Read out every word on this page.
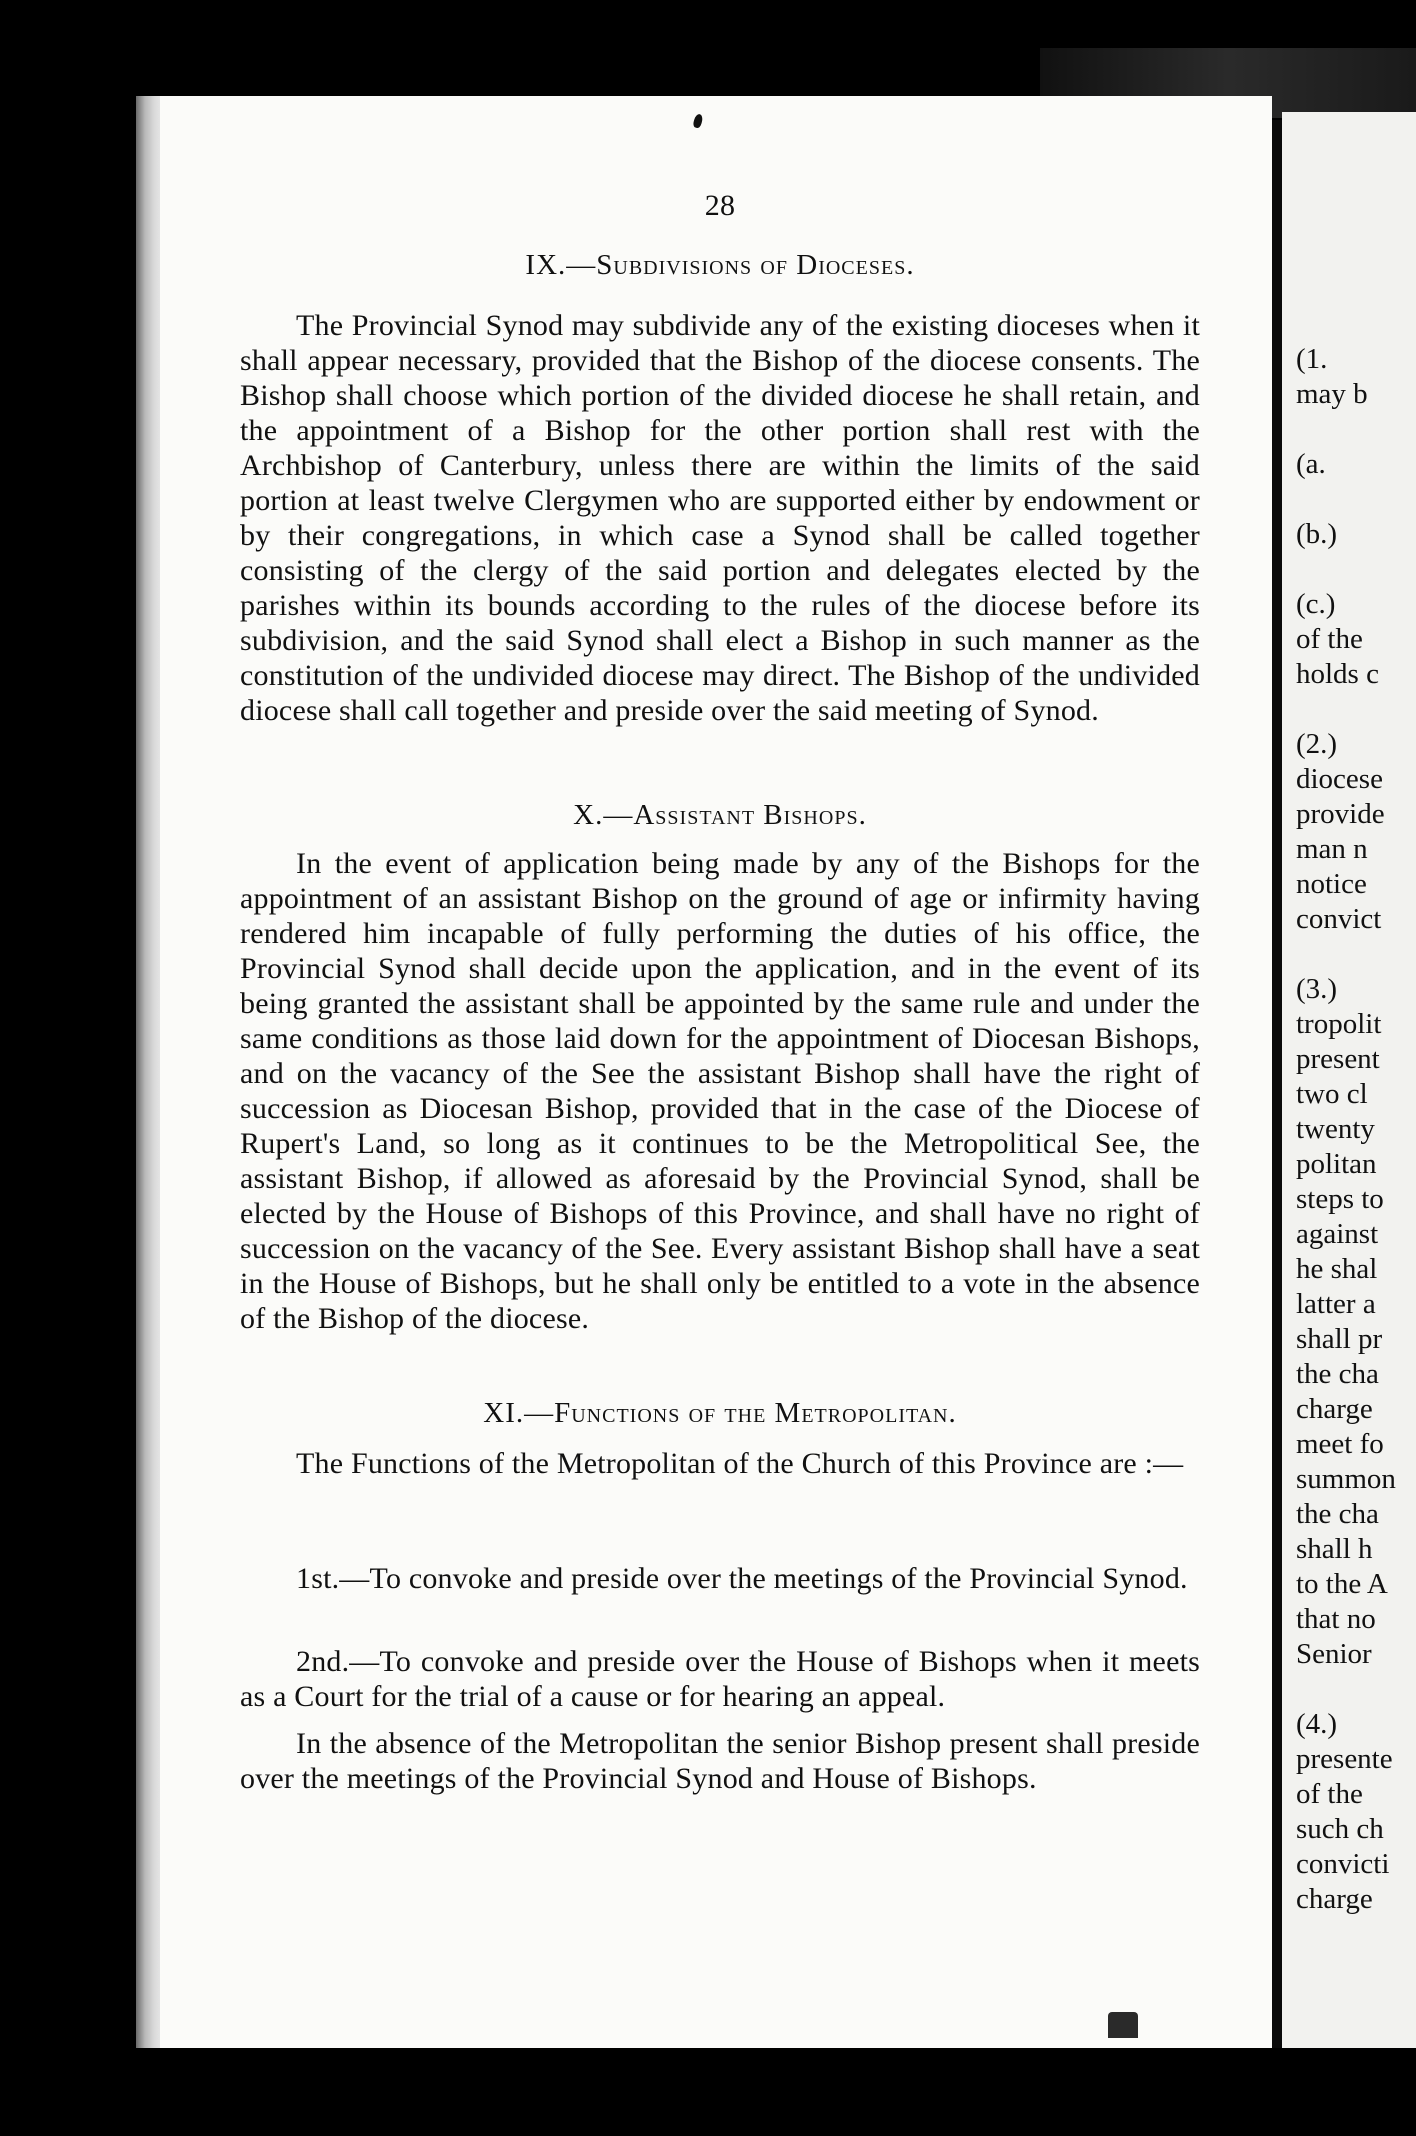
28
IX.—Subdivisions of Dioceses.

The Provincial Synod may subdivide any of the existing dioceses when it shall appear necessary, provided that the Bishop of the diocese consents. The Bishop shall choose which portion of the divided diocese he shall retain, and the appointment of a Bishop for the other portion shall rest with the Archbishop of Canterbury, unless there are within the limits of the said portion at least twelve Clergymen who are supported either by endowment or by their congregations, in which case a Synod shall be called together consisting of the clergy of the said portion and delegates elected by the parishes within its bounds according to the rules of the diocese before its subdivision, and the said Synod shall elect a Bishop in such manner as the constitution of the undivided diocese may direct. The Bishop of the undivided diocese shall call together and preside over the said meeting of Synod.

X.—Assistant Bishops.

In the event of application being made by any of the Bishops for the appointment of an assistant Bishop on the ground of age or infirmity having rendered him incapable of fully performing the duties of his office, the Provincial Synod shall decide upon the application, and in the event of its being granted the assistant shall be appointed by the same rule and under the same conditions as those laid down for the appointment of Diocesan Bishops, and on the vacancy of the See the assistant Bishop shall have the right of succession as Diocesan Bishop, provided that in the case of the Diocese of Rupert's Land, so long as it continues to be the Metropolitical See, the assistant Bishop, if allowed as aforesaid by the Provincial Synod, shall be elected by the House of Bishops of this Province, and shall have no right of succession on the vacancy of the See. Every assistant Bishop shall have a seat in the House of Bishops, but he shall only be entitled to a vote in the absence of the Bishop of the diocese.

XI.—Functions of the Metropolitan.

The Functions of the Metropolitan of the Church of this Province are :—

1st.—To convoke and preside over the meetings of the Provincial Synod.

2nd.—To convoke and preside over the House of Bishops when it meets as a Court for the trial of a cause or for hearing an appeal.

In the absence of the Metropolitan the senior Bishop present shall preside over the meetings of the Provincial Synod and House of Bishops.

(1.
may b

(a.

(b.)

(c.)
of the
holds c

(2.)
diocese
provide
man n
notice
convict

(3.)
tropolit
present
two cl
twenty
politan
steps to
against
he shal
latter a
shall pr
the cha
charge
meet fo
summon
the cha
shall h
to the A
that no
Senior

(4.)
presente
of the
such ch
convicti
charge
